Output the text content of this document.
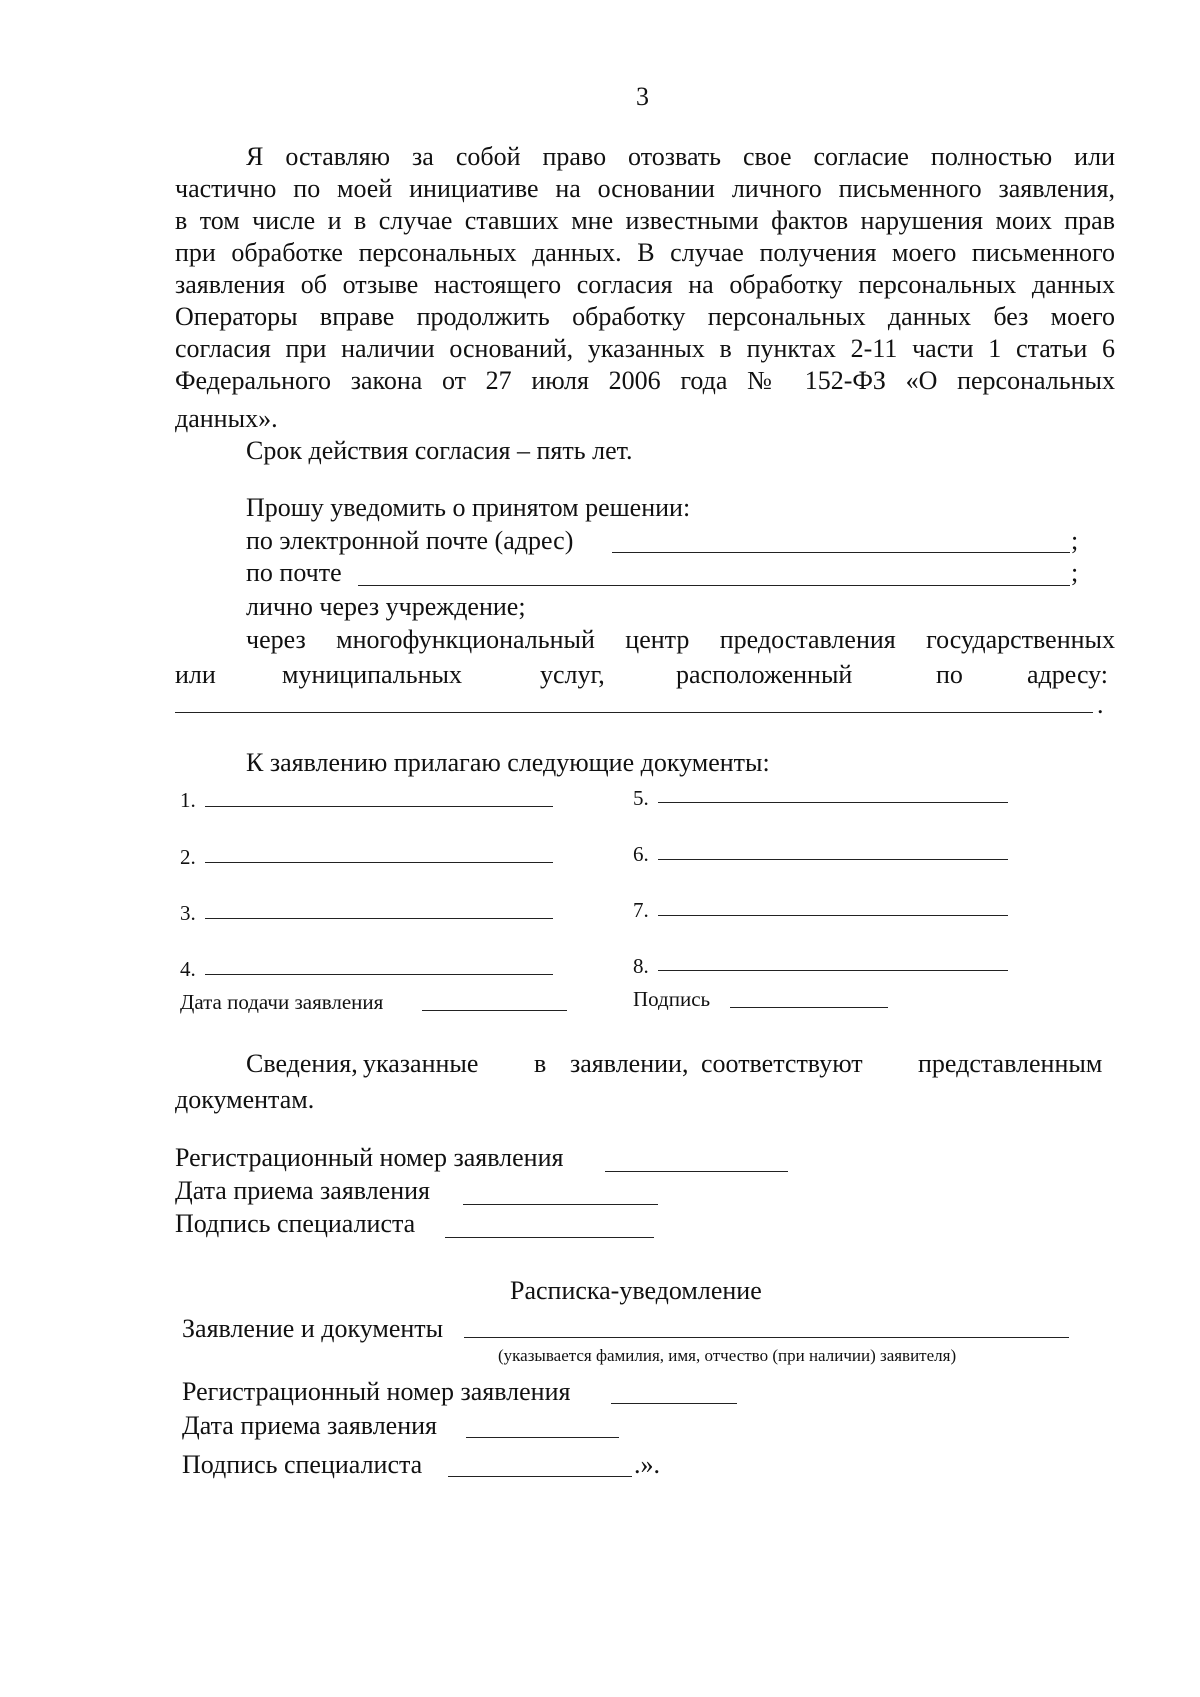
3
Я оставляю за собой право отозвать свое согласие полностью или
частично по моей инициативе на основании личного письменного заявления,
в том числе и в случае ставших мне известными фактов нарушения моих прав
при обработке персональных данных. В случае получения моего письменного
заявления об отзыве настоящего согласия на обработку персональных данных
Операторы вправе продолжить обработку персональных данных без моего
согласия при наличии оснований, указанных в пунктах 2-11 части 1 статьи 6
Федерального закона от 27 июля 2006 года № 152-ФЗ «О персональных
данных».
Срок действия согласия – пять лет.
Прошу уведомить о принятом решении:
по электронной почте (адрес)	;
по почте	;
лично через учреждение;
через многофункциональный центр предоставления государственных
или	муниципальных	услуг,	расположенный	по адресу:
.
К заявлению прилагаю следующие документы:
1.	5.
2.	6.
3.	7.
4.	8.
Дата подачи заявления	Подпись
Сведения, указанные в заявлении, соответствуют представленным
документам.
Регистрационный номер заявления
Дата приема заявления
Подпись специалиста
Расписка-уведомление
Заявление и документы
(указывается фамилия, имя, отчество (при наличии) заявителя)
Регистрационный номер заявления
Дата приема заявления
Подпись специалиста	.».
